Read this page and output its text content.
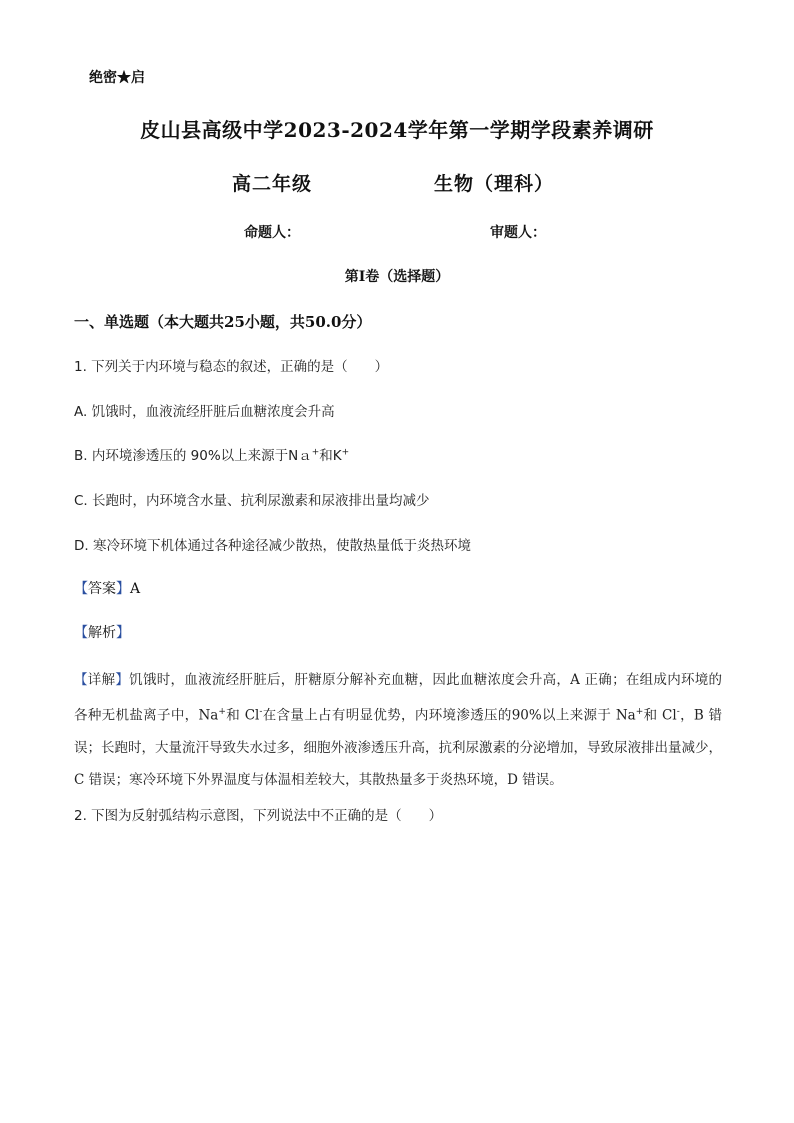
绝密★启
皮山县高级中学2023-2024学年第一学期学段素养调研
高二年级	生物（理科）
命题人：	审题人：
第Ⅰ卷（选择题）
一、单选题（本大题共25小题，共50.0分）
1. 下列关于内环境与稳态的叙述，正确的是（　　）
A. 饥饿时，血液流经肝脏后血糖浓度会升高
B. 内环境渗透压的 90%以上来源于Nａ+和K+
C. 长跑时，内环境含水量、抗利尿激素和尿液排出量均减少
D. 寒冷环境下机体通过各种途径减少散热，使散热量低于炎热环境
【答案】A
【解析】
【详解】饥饿时，血液流经肝脏后，肝糖原分解补充血糖，因此血糖浓度会升高，A 正确；在组成内环境的各种无机盐离子中，Na+和 Cl-在含量上占有明显优势，内环境渗透压的90%以上来源于 Na+和 Cl-，B 错误；长跑时，大量流汗导致失水过多，细胞外液渗透压升高，抗利尿激素的分泌增加，导致尿液排出量减少，C 错误；寒冷环境下外界温度与体温相差较大，其散热量多于炎热环境，D 错误。
2. 下图为反射弧结构示意图，下列说法中不正确的是（　　）
